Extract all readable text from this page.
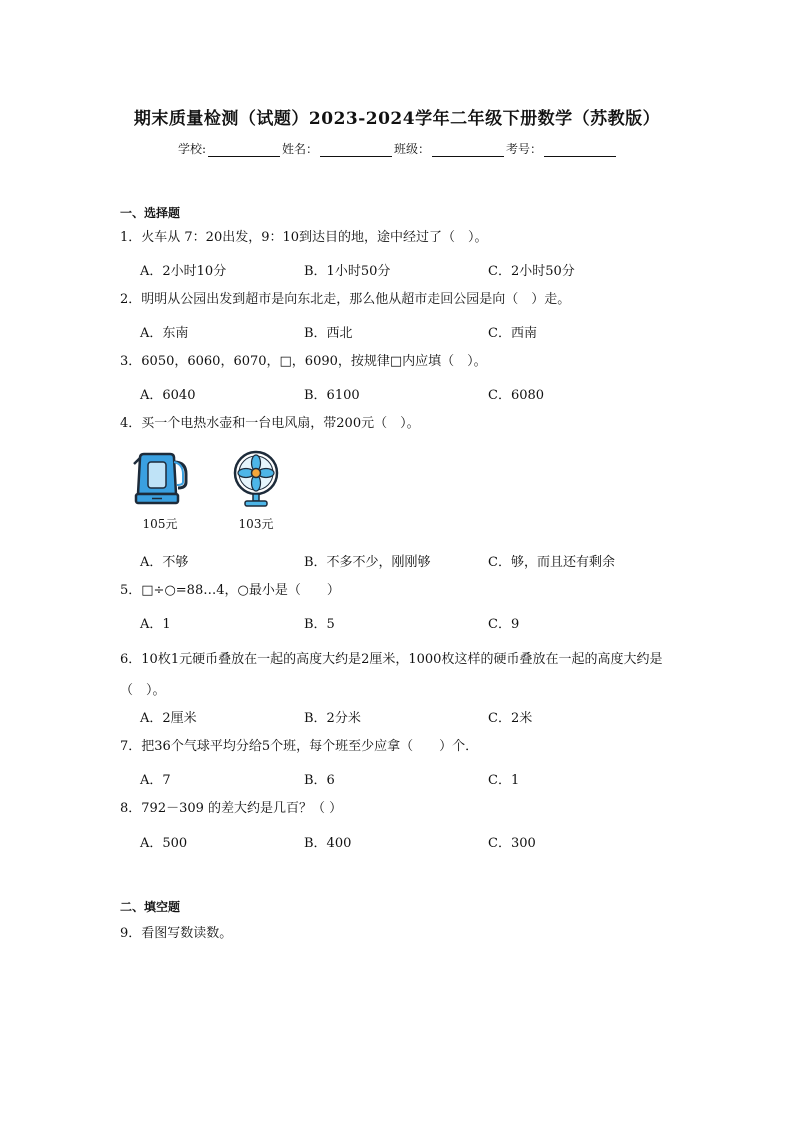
期末质量检测（试题）2023-2024学年二年级下册数学（苏教版）
学校:	姓名：	班级：	考号：
一、选择题
1．火车从 7：20出发，9：10到达目的地，途中经过了（　）。
A．2小时10分	B．1小时50分	C．2小时50分
2．明明从公园出发到超市是向东北走，那么他从超市走回公园是向（　）走。
A．东南	B．西北	C．西南
3．6050，6060，6070，□，6090，按规律□内应填（　）。
A．6040	B．6100	C．6080
4．买一个电热水壶和一台电风扇，带200元（　）。
105元	103元
A．不够	B．不多不少，刚刚够	C．够，而且还有剩余
5．□÷○=88…4，○最小是（　　）
A．1	B．5	C．9
6．10枚1元硬币叠放在一起的高度大约是2厘米，1000枚这样的硬币叠放在一起的高度大约是（　）。
A．2厘米	B．2分米	C．2米
7．把36个气球平均分给5个班，每个班至少应拿（　　）个．
A．7	B．6	C．1
8．792－309 的差大约是几百？（ ）
A．500	B．400	C．300
二、填空题
9．看图写数读数。
